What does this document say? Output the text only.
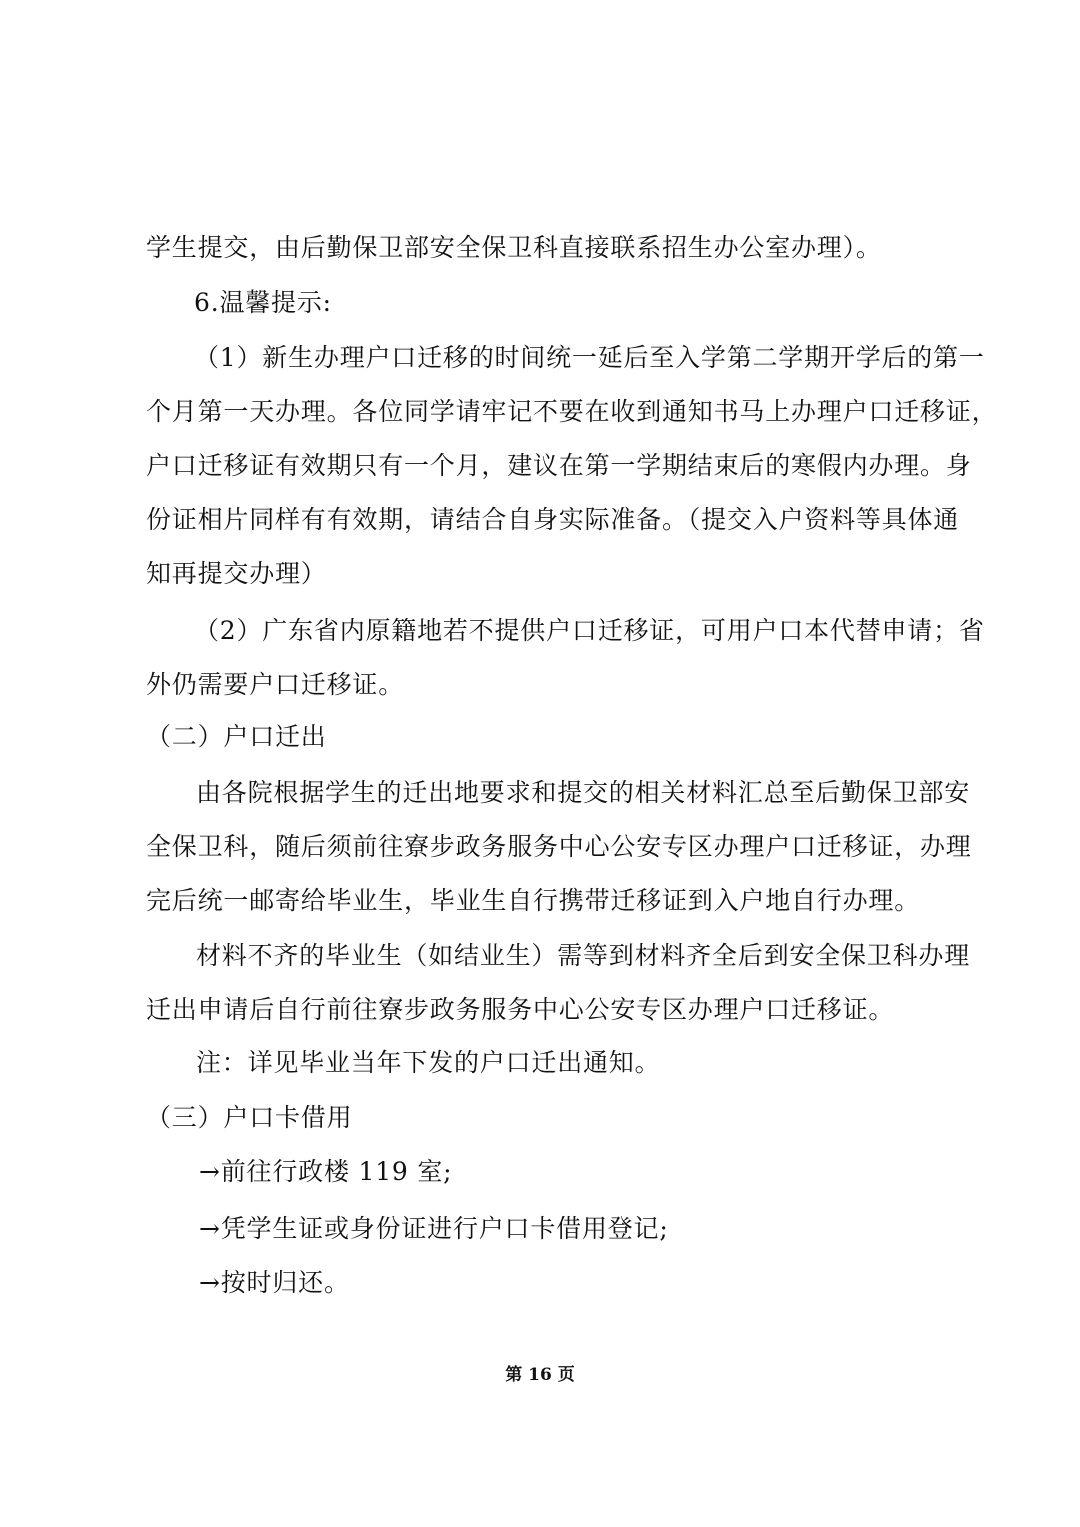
学生提交，由后勤保卫部安全保卫科直接联系招生办公室办理）。
6.温馨提示:
（1）新生办理户口迁移的时间统一延后至入学第二学期开学后的第一
个月第一天办理。各位同学请牢记不要在收到通知书马上办理户口迁移证，
户口迁移证有效期只有一个月，建议在第一学期结束后的寒假内办理。身
份证相片同样有有效期，请结合自身实际准备。（提交入户资料等具体通
知再提交办理）
（2）广东省内原籍地若不提供户口迁移证，可用户口本代替申请；省
外仍需要户口迁移证。
（二）户口迁出
由各院根据学生的迁出地要求和提交的相关材料汇总至后勤保卫部安
全保卫科，随后须前往寮步政务服务中心公安专区办理户口迁移证，办理
完后统一邮寄给毕业生，毕业生自行携带迁移证到入户地自行办理。
材料不齐的毕业生（如结业生）需等到材料齐全后到安全保卫科办理
迁出申请后自行前往寮步政务服务中心公安专区办理户口迁移证。
注：详见毕业当年下发的户口迁出通知。
（三）户口卡借用
→前往行政楼 119 室;
→凭学生证或身份证进行户口卡借用登记;
→按时归还。
第 16 页
